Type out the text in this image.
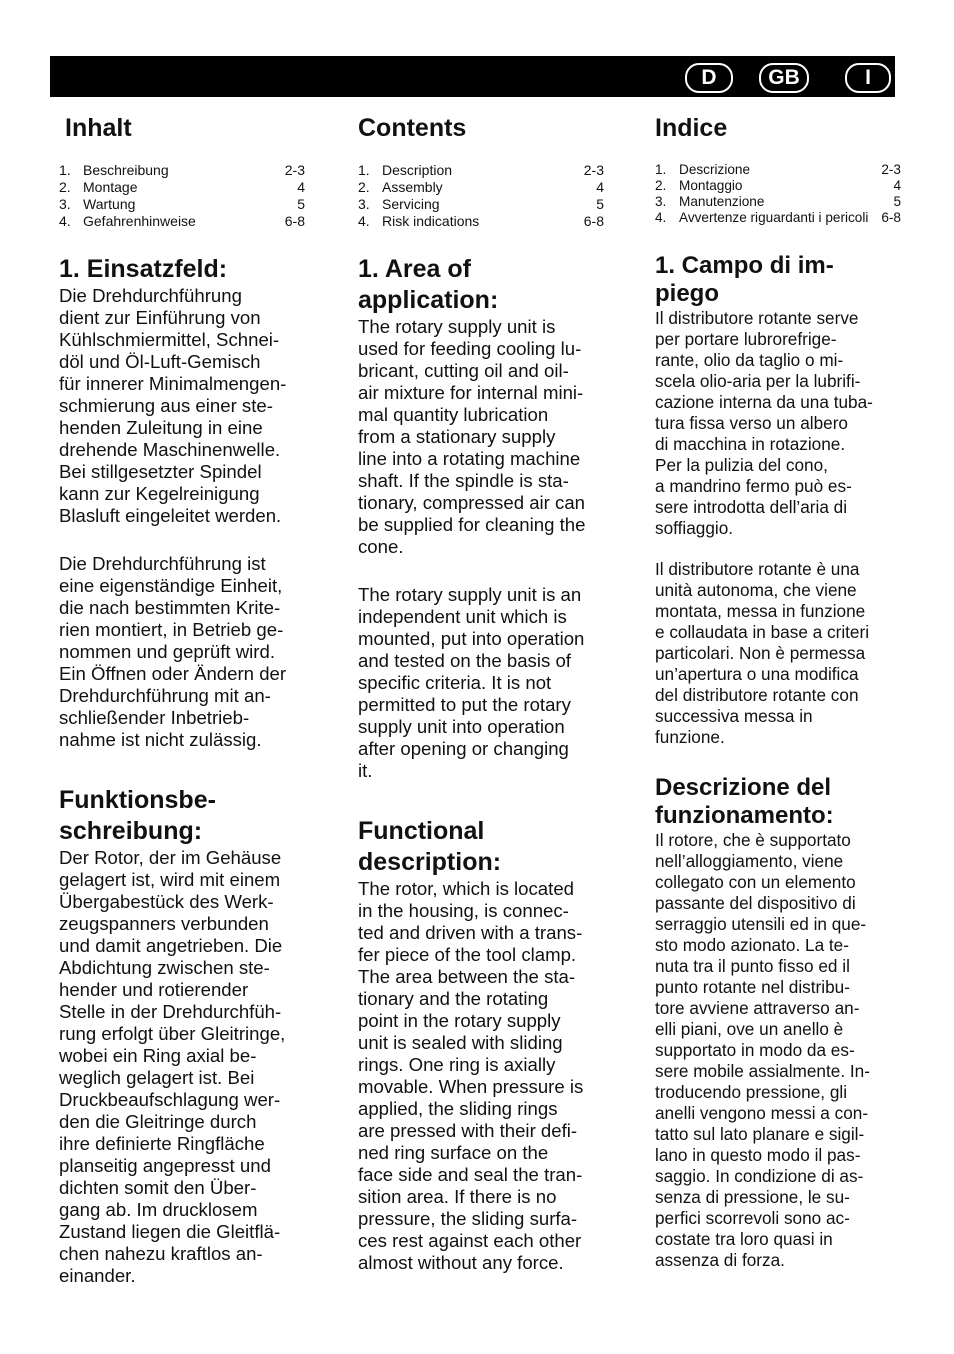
D	GB	I
Inhalt
1. Beschreibung	2-3
2. Montage	4
3. Wartung	5
4. Gefahrenhinweise	6-8
1. Einsatzfeld:

Die Drehdurchführung
dient zur Einführung von
Kühlschmiermittel, Schnei-
döl und Öl-Luft-Gemisch
für innerer Minimalmengen-
schmierung aus einer ste-
henden Zuleitung in eine
drehende Maschinenwelle.
Bei stillgesetzter Spindel
kann zur Kegelreinigung
Blasluft eingeleitet werden.

Die Drehdurchführung ist
eine eigenständige Einheit,
die nach bestimmten Krite-
rien montiert, in Betrieb ge-
nommen und geprüft wird.
Ein Öffnen oder Ändern der
Drehdurchführung mit an-
schließender Inbetrieb-
nahme ist nicht zulässig.

Funktionsbe-
schreibung:

Der Rotor, der im Gehäuse
gelagert ist, wird mit einem
Übergabestück des Werk-
zeugspanners verbunden
und damit angetrieben. Die
Abdichtung zwischen ste-
hender und rotierender
Stelle in der Drehdurchfüh-
rung erfolgt über Gleitringe,
wobei ein Ring axial be-
weglich gelagert ist. Bei
Druckbeaufschlagung wer-
den die Gleitringe durch
ihre definierte Ringfläche
planseitig angepresst und
dichten somit den Über-
gang ab. Im drucklosem
Zustand liegen die Gleitflä-
chen nahezu kraftlos an-
einander.

Contents
1. Description	2-3
2. Assembly	4
3. Servicing	5
4. Risk indications	6-8
1. Area of
application:

The rotary supply unit is
used for feeding cooling lu-
bricant, cutting oil and oil-
air mixture for internal mini-
mal quantity lubrication
from a stationary supply
line into a rotating machine
shaft. If the spindle is sta-
tionary, compressed air can
be supplied for cleaning the
cone.

The rotary supply unit is an
independent unit which is
mounted, put into operation
and tested on the basis of
specific criteria. It is not
permitted to put the rotary
supply unit into operation
after opening or changing
it.

Functional
description:

The rotor, which is located
in the housing, is connec-
ted and driven with a trans-
fer piece of the tool clamp.
The area between the sta-
tionary and the rotating
point in the rotary supply
unit is sealed with sliding
rings. One ring is axially
movable. When pressure is
applied, the sliding rings
are pressed with their defi-
ned ring surface on the
face side and seal the tran-
sition area. If there is no
pressure, the sliding surfa-
ces rest against each other
almost without any force.

Indice
1. Descrizione	2-3
2. Montaggio	4
3. Manutenzione	5
4. Avvertenze riguardanti i pericoli 6-8
1. Campo di im-
piego

Il distributore rotante serve
per portare lubrorefrige-
rante, olio da taglio o mi-
scela olio-aria per la lubrifi-
cazione interna da una tuba-
tura fissa verso un albero
di macchina in rotazione.
Per la pulizia del cono,
a mandrino fermo può es-
sere introdotta dell’aria di
soffiaggio.

Il distributore rotante è una
unità autonoma, che viene
montata, messa in funzione
e collaudata in base a criteri
particolari. Non è permessa
un’apertura o una modifica
del distributore rotante con
successiva messa in
funzione.

Descrizione del
funzionamento:

Il rotore, che è supportato
nell’alloggiamento, viene
collegato con un elemento
passante del dispositivo di
serraggio utensili ed in que-
sto modo azionato. La te-
nuta tra il punto fisso ed il
punto rotante nel distribu-
tore avviene attraverso an-
elli piani, ove un anello è
supportato in modo da es-
sere mobile assialmente. In-
troducendo pressione, gli
anelli vengono messi a con-
tatto sul lato planare e sigil-
lano in questo modo il pas-
saggio. In condizione di as-
senza di pressione, le su-
perfici scorrevoli sono ac-
costate tra loro quasi in
assenza di forza.
